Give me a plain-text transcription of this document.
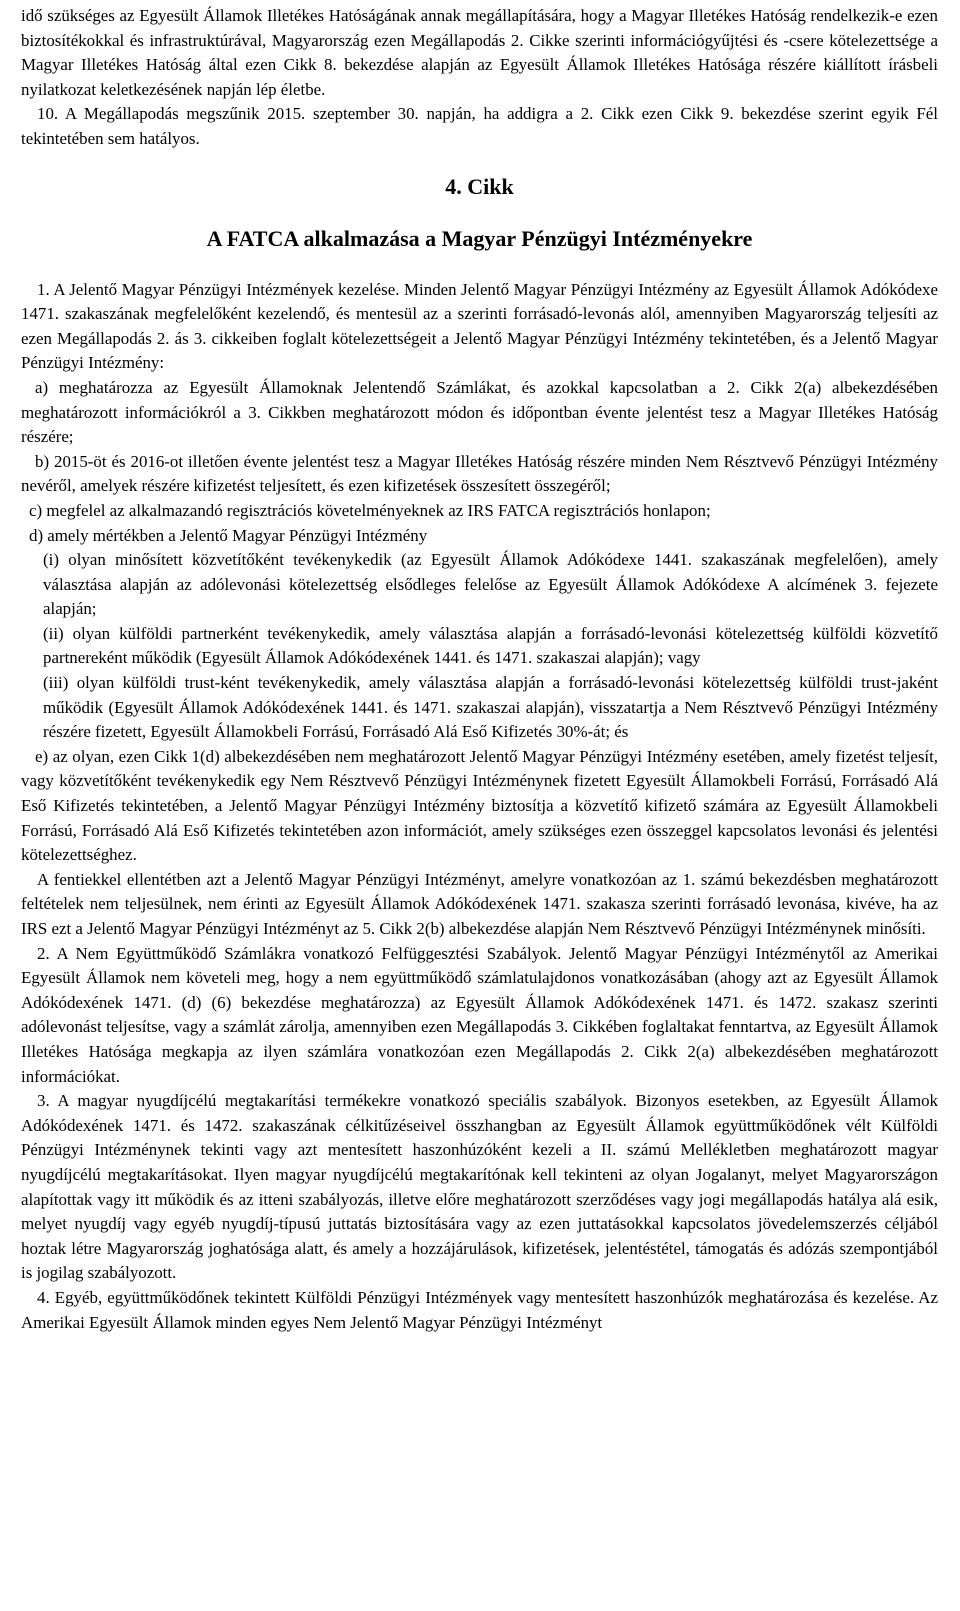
idő szükséges az Egyesült Államok Illetékes Hatóságának annak megállapítására, hogy a Magyar Illetékes Hatóság rendelkezik-e ezen biztosítékokkal és infrastruktúrával, Magyarország ezen Megállapodás 2. Cikke szerinti információgyűjtési és -csere kötelezettsége a Magyar Illetékes Hatóság által ezen Cikk 8. bekezdése alapján az Egyesült Államok Illetékes Hatósága részére kiállított írásbeli nyilatkozat keletkezésének napján lép életbe.

10. A Megállapodás megszűnik 2015. szeptember 30. napján, ha addigra a 2. Cikk ezen Cikk 9. bekezdése szerint egyik Fél tekintetében sem hatályos.

4. Cikk
A FATCA alkalmazása a Magyar Pénzügyi Intézményekre

1. A Jelentő Magyar Pénzügyi Intézmények kezelése. Minden Jelentő Magyar Pénzügyi Intézmény az Egyesült Államok Adókódexe 1471. szakaszának megfelelőként kezelendő, és mentesül az a szerinti forrásadó-levonás alól, amennyiben Magyarország teljesíti az ezen Megállapodás 2. ás 3. cikkeiben foglalt kötelezettségeit a Jelentő Magyar Pénzügyi Intézmény tekintetében, és a Jelentő Magyar Pénzügyi Intézmény:

a) meghatározza az Egyesült Államoknak Jelentendő Számlákat, és azokkal kapcsolatban a 2. Cikk 2(a) albekezdésében meghatározott információkról a 3. Cikkben meghatározott módon és időpontban évente jelentést tesz a Magyar Illetékes Hatóság részére;

b) 2015-öt és 2016-ot illetően évente jelentést tesz a Magyar Illetékes Hatóság részére minden Nem Résztvevő Pénzügyi Intézmény nevéről, amelyek részére kifizetést teljesített, és ezen kifizetések összesített összegéről;

c) megfelel az alkalmazandó regisztrációs követelményeknek az IRS FATCA regisztrációs honlapon;

d) amely mértékben a Jelentő Magyar Pénzügyi Intézmény

(i) olyan minősített közvetítőként tevékenykedik (az Egyesült Államok Adókódexe 1441. szakaszának megfelelően), amely választása alapján az adólevonási kötelezettség elsődleges felelőse az Egyesült Államok Adókódexe A alcímének 3. fejezete alapján;

(ii) olyan külföldi partnerként tevékenykedik, amely választása alapján a forrásadó-levonási kötelezettség külföldi közvetítő partnereként működik (Egyesült Államok Adókódexének 1441. és 1471. szakaszai alapján); vagy

(iii) olyan külföldi trust-ként tevékenykedik, amely választása alapján a forrásadó-levonási kötelezettség külföldi trust-jaként működik (Egyesült Államok Adókódexének 1441. és 1471. szakaszai alapján), visszatartja a Nem Résztvevő Pénzügyi Intézmény részére fizetett, Egyesült Államokbeli Forrású, Forrásadó Alá Eső Kifizetés 30%-át; és

e) az olyan, ezen Cikk 1(d) albekezdésében nem meghatározott Jelentő Magyar Pénzügyi Intézmény esetében, amely fizetést teljesít, vagy közvetítőként tevékenykedik egy Nem Résztvevő Pénzügyi Intézménynek fizetett Egyesült Államokbeli Forrású, Forrásadó Alá Eső Kifizetés tekintetében, a Jelentő Magyar Pénzügyi Intézmény biztosítja a közvetítő kifizető számára az Egyesült Államokbeli Forrású, Forrásadó Alá Eső Kifizetés tekintetében azon információt, amely szükséges ezen összeggel kapcsolatos levonási és jelentési kötelezettséghez.

A fentiekkel ellentétben azt a Jelentő Magyar Pénzügyi Intézményt, amelyre vonatkozóan az 1. számú bekezdésben meghatározott feltételek nem teljesülnek, nem érinti az Egyesült Államok Adókódexének 1471. szakasza szerinti forrásadó levonása, kivéve, ha az IRS ezt a Jelentő Magyar Pénzügyi Intézményt az 5. Cikk 2(b) albekezdése alapján Nem Résztvevő Pénzügyi Intézménynek minősíti.

2. A Nem Együttműködő Számlákra vonatkozó Felfüggesztési Szabályok. Jelentő Magyar Pénzügyi Intézménytől az Amerikai Egyesült Államok nem követeli meg, hogy a nem együttműködő számlatulajdonos vonatkozásában (ahogy azt az Egyesült Államok Adókódexének 1471. (d) (6) bekezdése meghatározza) az Egyesült Államok Adókódexének 1471. és 1472. szakasz szerinti adólevonást teljesítse, vagy a számlát zárolja, amennyiben ezen Megállapodás 3. Cikkében foglaltakat fenntartva, az Egyesült Államok Illetékes Hatósága megkapja az ilyen számlára vonatkozóan ezen Megállapodás 2. Cikk 2(a) albekezdésében meghatározott információkat.

3. A magyar nyugdíjcélú megtakarítási termékekre vonatkozó speciális szabályok. Bizonyos esetekben, az Egyesült Államok Adókódexének 1471. és 1472. szakaszának célkitűzéseivel összhangban az Egyesült Államok együttműködőnek vélt Külföldi Pénzügyi Intézménynek tekinti vagy azt mentesített haszonhúzóként kezeli a II. számú Mellékletben meghatározott magyar nyugdíjcélú megtakarításokat. Ilyen magyar nyugdíjcélú megtakarítónak kell tekinteni az olyan Jogalanyt, melyet Magyarországon alapítottak vagy itt működik és az itteni szabályozás, illetve előre meghatározott szerződéses vagy jogi megállapodás hatálya alá esik, melyet nyugdíj vagy egyéb nyugdíj-típusú juttatás biztosítására vagy az ezen juttatásokkal kapcsolatos jövedelemszerzés céljából hoztak létre Magyarország joghatósága alatt, és amely a hozzájárulások, kifizetések, jelentéstétel, támogatás és adózás szempontjából is jogilag szabályozott.

4. Egyéb, együttműködőnek tekintett Külföldi Pénzügyi Intézmények vagy mentesített haszonhúzók meghatározása és kezelése. Az Amerikai Egyesült Államok minden egyes Nem Jelentő Magyar Pénzügyi Intézményt
